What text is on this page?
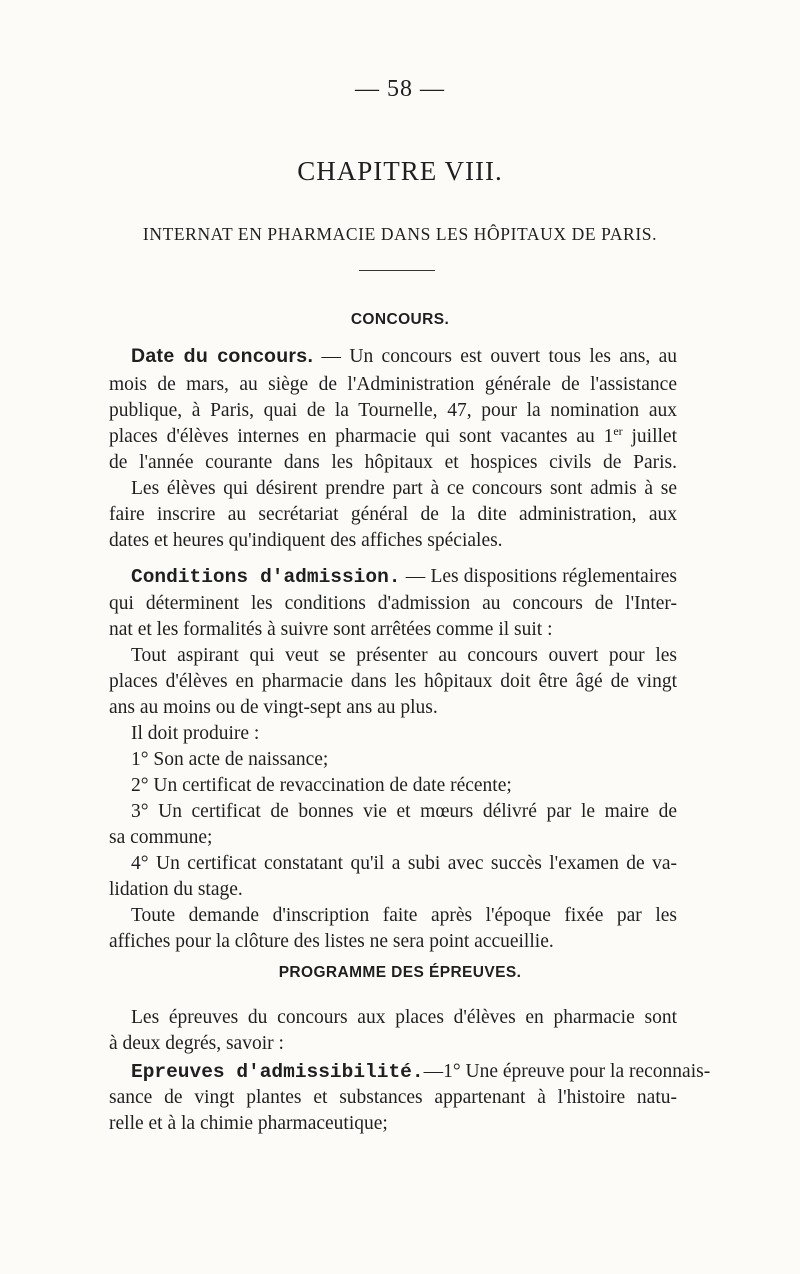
— 58 —
CHAPITRE VIII.
INTERNAT EN PHARMACIE DANS LES HÔPITAUX DE PARIS.
CONCOURS.
Date du concours. — Un concours est ouvert tous les ans, au
mois de mars, au siège de l'Administration générale de l'assistance
publique, à Paris, quai de la Tournelle, 47, pour la nomination aux
places d'élèves internes en pharmacie qui sont vacantes au 1er juillet
de l'année courante dans les hôpitaux et hospices civils de Paris.
Les élèves qui désirent prendre part à ce concours sont admis à se
faire inscrire au secrétariat général de la dite administration, aux
dates et heures qu'indiquent des affiches spéciales.
Conditions d'admission. — Les dispositions réglementaires
qui déterminent les conditions d'admission au concours de l'Inter-
nat et les formalités à suivre sont arrêtées comme il suit :
Tout aspirant qui veut se présenter au concours ouvert pour les
places d'élèves en pharmacie dans les hôpitaux doit être âgé de vingt
ans au moins ou de vingt-sept ans au plus.
Il doit produire :
1° Son acte de naissance;
2° Un certificat de revaccination de date récente;
3° Un certificat de bonnes vie et mœurs délivré par le maire de
sa commune;
4° Un certificat constatant qu'il a subi avec succès l'examen de va-
lidation du stage.
Toute demande d'inscription faite après l'époque fixée par les
affiches pour la clôture des listes ne sera point accueillie.
PROGRAMME DES ÉPREUVES.
Les épreuves du concours aux places d'élèves en pharmacie sont
à deux degrés, savoir :
Epreuves d'admissibilité.—1° Une épreuve pour la reconnais-
sance de vingt plantes et substances appartenant à l'histoire natu-
relle et à la chimie pharmaceutique;
